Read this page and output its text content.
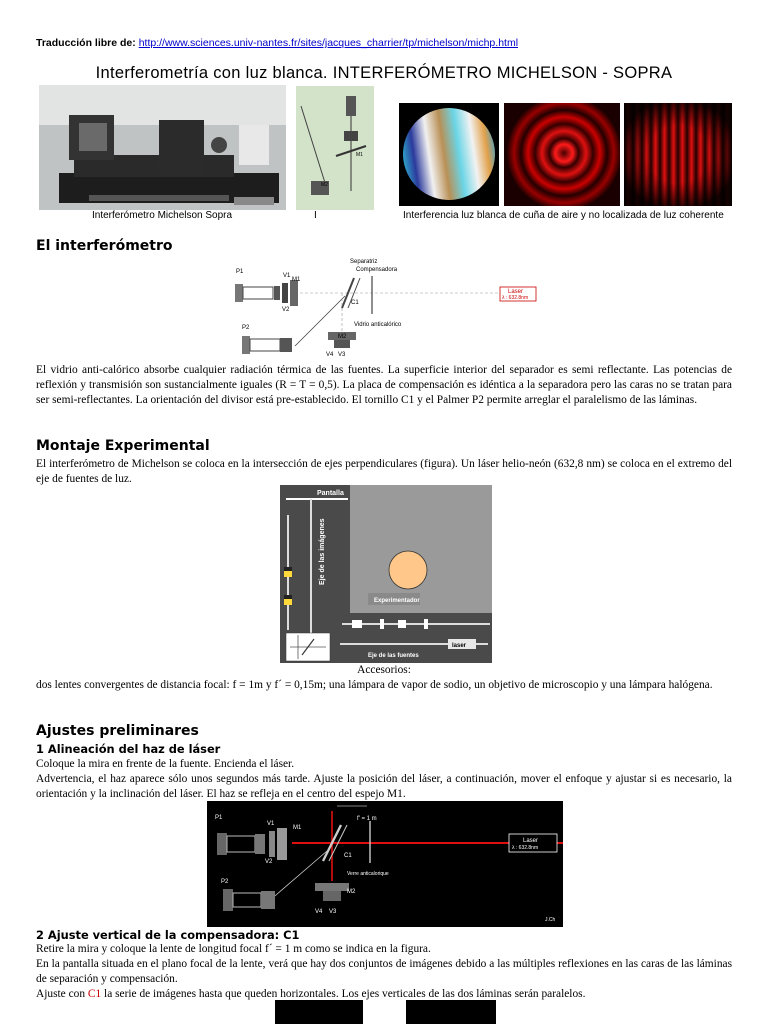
Traducción libre de: http://www.sciences.univ-nantes.fr/sites/jacques_charrier/tp/michelson/michp.html
Interferometría con luz blanca. INTERFERÓMETRO MICHELSON - SOPRA
M1
M2
Interferómetro Michelson Sopra	I	Interferencia luz blanca de cuña de aire y no localizada de luz coherente
El interferómetro
Laser
λ : 632.8nm
Separatriz
Compensadora
P1
V1
M1
V2
C1
Vidrio anticalórico
P2
M2
V4 V3
El vidrio anti-calórico absorbe cualquier radiación térmica de las fuentes. La superficie interior del separador es semi reflectante. Las potencias de reflexión y transmisión son sustancialmente iguales (R = T = 0,5). La placa de compensación es idéntica a la separadora pero las caras no se tratan para ser semi-reflectantes. La orientación del divisor está pre-establecido. El tornillo C1 y el Palmer P2 permite arreglar el paralelismo de las láminas.
Montaje Experimental
El interferómetro de Michelson se coloca en la intersección de ejes perpendiculares (figura). Un láser helio-neón (632,8 nm) se coloca en el extremo del eje de fuentes de luz.
Pantalla
Eje de las imágenes
Experimentador
laser
Eje de las fuentes
Accesorios:
dos lentes convergentes de distancia focal: f = 1m y f´ = 0,15m; una lámpara de vapor de sodio, un objetivo de microscopio y una lámpara halógena.
Ajustes preliminares
1 Alineación del haz de láser
Coloque la mira en frente de la fuente. Encienda el láser.
Advertencia, el haz aparece sólo unos segundos más tarde. Ajuste la posición del láser, a continuación, mover el enfoque y ajustar si es necesario, la orientación y la inclinación del láser. El haz se refleja en el centro del espejo M1.
Laser
λ : 632.8nm
f' = 1 m
P1
V1
M1
V2
C1
Verre anticalorique
P2
M2
V4 V3
J.Ch
2 Ajuste vertical de la compensadora: C1
Retire la mira y coloque la lente de longitud focal f´ = 1 m como se indica en la figura.
En la pantalla situada en el plano focal de la lente, verá que hay dos conjuntos de imágenes debido a las múltiples reflexiones en las caras de las láminas de separación y compensación.
Ajuste con C1 la serie de imágenes hasta que queden horizontales. Los ejes verticales de las dos láminas serán paralelos.
